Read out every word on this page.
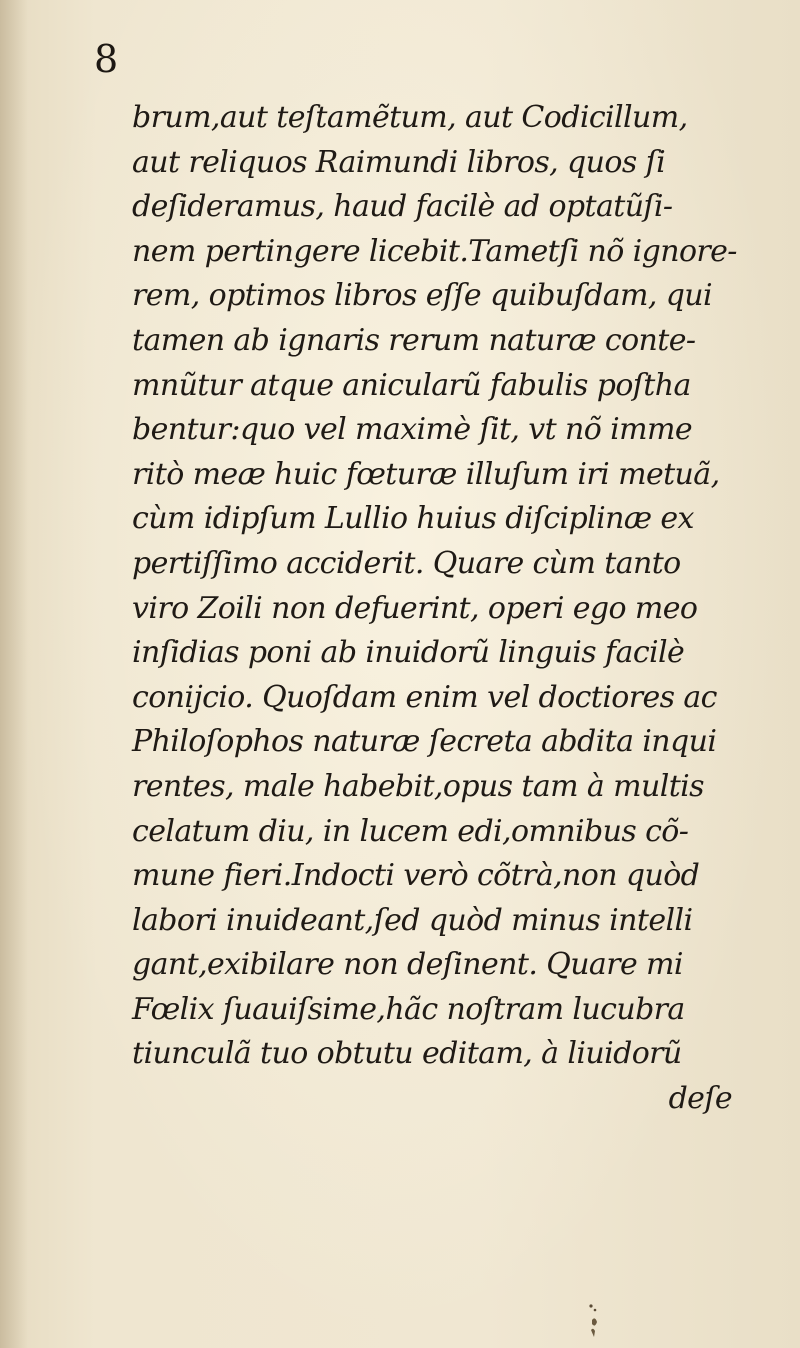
8
brum,aut teſtamẽtum, aut Codicillum,
aut reliquos Raimundi libros, quos ſi
deſideramus, haud facilè ad optatũſi-
nem pertingere licebit.Tametſi nõ ignore-
rem, optimos libros eſſe quibuſdam, qui
tamen ab ignaris rerum naturæ conte-
mnũtur atque anicularũ fabulis poſtha
bentur:quo vel maximè ſit, vt nõ imme
ritò meæ huic fœturæ illuſum iri metuã,
cùm idipſum Lullio huius diſciplinæ ex
pertiſſimo acciderit. Quare cùm tanto
viro Zoili non defuerint, operi ego meo
inſidias poni ab inuidorũ linguis facilè
conijcio. Quoſdam enim vel doctiores ac
Philoſophos naturæ ſecreta abdita inqui
rentes, male habebit,opus tam à multis
celatum diu, in lucem edi,omnibus cõ-
mune fieri.Indocti verò cõtrà,non quòd
labori inuideant,ſed quòd minus intelli
gant,exibilare non deſinent. Quare mi
Fœlix ſuauiſsime,hãc noſtram lucubra
tiunculã tuo obtutu editam, à liuidorũ
deſe
